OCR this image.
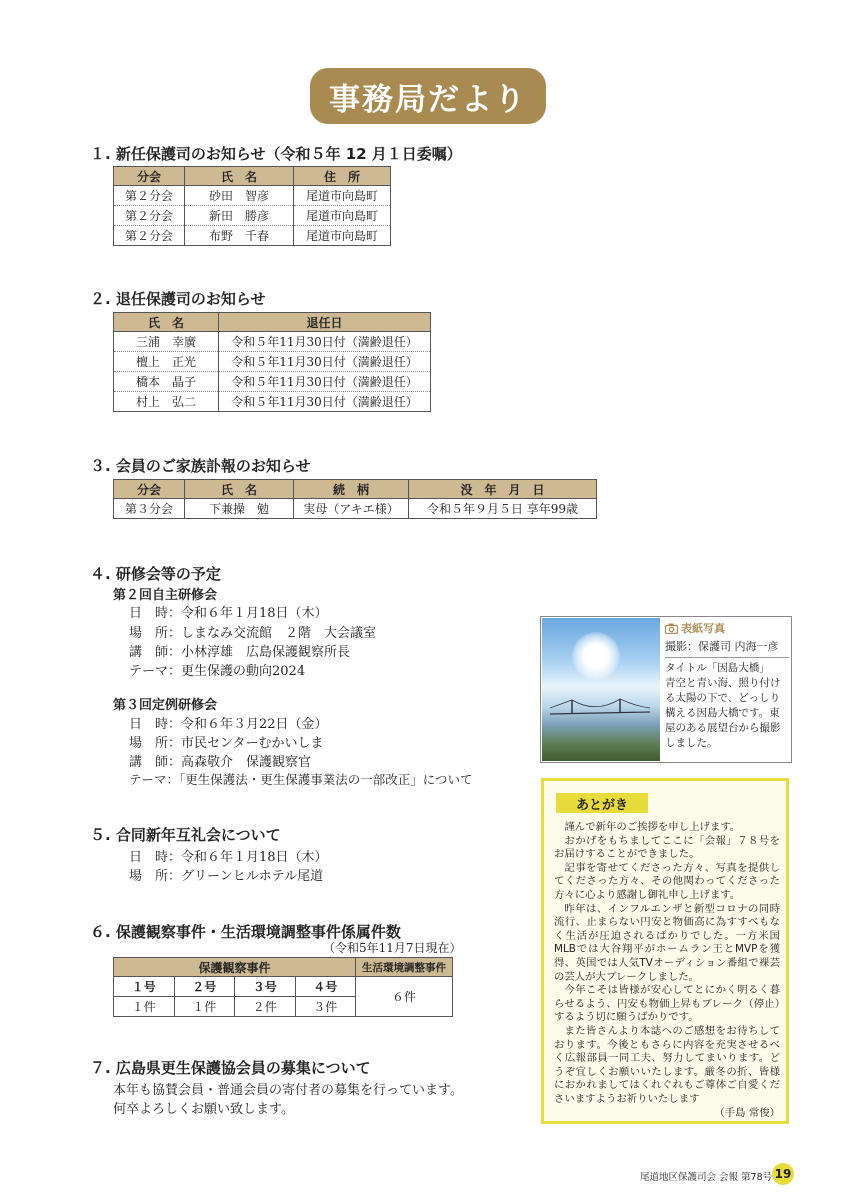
事務局だより
１. 新任保護司のお知らせ（令和５年 12 月１日委嘱）
分会	氏　名	住　所
第２分会	砂田　智彦	尾道市向島町
第２分会	新田　勝彦	尾道市向島町
第２分会	布野　千春	尾道市向島町
２. 退任保護司のお知らせ
氏　名	退任日
三浦　幸廣	令和５年11月30日付（満齢退任）
檀上　正光	令和５年11月30日付（満齢退任）
橋本　晶子	令和５年11月30日付（満齢退任）
村上　弘二	令和５年11月30日付（満齢退任）
３. 会員のご家族訃報のお知らせ
分会	氏　名	続　柄	没　年　月　日
第３分会	下兼操　勉	実母（アキエ様）	令和５年９月５日 享年99歳
４. 研修会等の予定
第２回自主研修会
日　時：令和６年１月18日（木）
場　所：しまなみ交流館　２階　大会議室
講　師：小林淳雄　広島保護観察所長
テーマ：更生保護の動向2024
第３回定例研修会
日　時：令和６年３月22日（金）
場　所：市民センターむかいしま
講　師：高森敬介　保護観察官
テーマ：「更生保護法・更生保護事業法の一部改正」について
５. 合同新年互礼会について
日　時：令和６年１月18日（木）
場　所：グリーンヒルホテル尾道
６. 保護観察事件・生活環境調整事件係属件数
（令和5年11月7日現在）
保護観察事件				生活環境調整事件
１号	２号	３号	４号	６件
１件	１件	２件	３件	
７. 広島県更生保護協会員の募集について
本年も協賛会員・普通会員の寄付者の募集を行っています。
何卒よろしくお願い致します。
表紙写真
撮影：保護司 内海一彦
タイトル「因島大橋」
青空と青い海、照り付ける太陽の下で、どっしり構える因島大橋です。東屋のある展望台から撮影しました。
あとがき

謹んで新年のご挨拶を申し上げます。

おかげをもちましてここに「会報」７８号をお届けすることができました。

記事を寄せてくださった方々、写真を提供してくださった方々、その他関わってくださった方々に心より感謝し御礼申し上げます。

昨年は、インフルエンザと新型コロナの同時流行、止まらない円安と物価高に為すすべもなく生活が圧迫されるばかりでした。一方米国MLBでは大谷翔平がホームラン王とMVPを獲得、英国では人気TVオーディション番組で裸芸の芸人が大ブレークしました。

今年こそは皆様が安心してとにかく明るく暮らせるよう、円安も物価上昇もブレーク（停止）するよう切に願うばかりです。

また皆さんより本誌へのご感想をお待ちしております。今後ともさらに内容を充実させるべく広報部員一同工夫、努力してまいります。どうぞ宜しくお願いいたします。厳冬の折、皆様におかれましてはくれぐれもご尊体ご自愛くださいますようお祈りいたします

（手島 常俊）
尾道地区保護司会 会報 第78号 19
